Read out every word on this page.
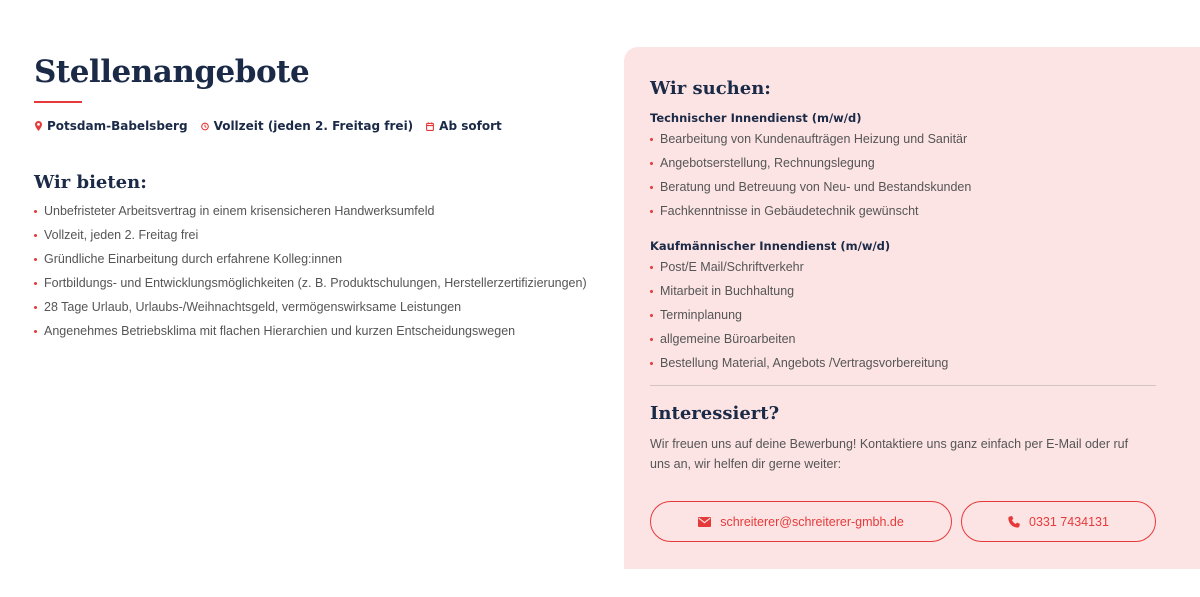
Stellenangebote
Potsdam-Babelsberg Vollzeit (jeden 2. Freitag frei) Ab sofort
Wir bieten:
Unbefristeter Arbeitsvertrag in einem krisensicheren Handwerksumfeld
Vollzeit, jeden 2. Freitag frei
Gründliche Einarbeitung durch erfahrene Kolleg:innen
Fortbildungs- und Entwicklungsmöglichkeiten (z. B. Produktschulungen, Herstellerzertifizierungen)
28 Tage Urlaub, Urlaubs-/Weihnachtsgeld, vermögenswirksame Leistungen
Angenehmes Betriebsklima mit flachen Hierarchien und kurzen Entscheidungswegen
Wir suchen:
Technischer Innendienst (m/w/d)
Bearbeitung von Kundenaufträgen Heizung und Sanitär
Angebotserstellung, Rechnungslegung
Beratung und Betreuung von Neu- und Bestandskunden
Fachkenntnisse in Gebäudetechnik gewünscht
Kaufmännischer Innendienst (m/w/d)
Post/E Mail/Schriftverkehr
Mitarbeit in Buchhaltung
Terminplanung
allgemeine Büroarbeiten
Bestellung Material, Angebots /Vertragsvorbereitung
Interessiert?

Wir freuen uns auf deine Bewerbung! Kontaktiere uns ganz einfach per E-Mail oder ruf uns an, wir helfen dir gerne weiter:

schreiterer@schreiterer-gmbh.de	0331 7434131
